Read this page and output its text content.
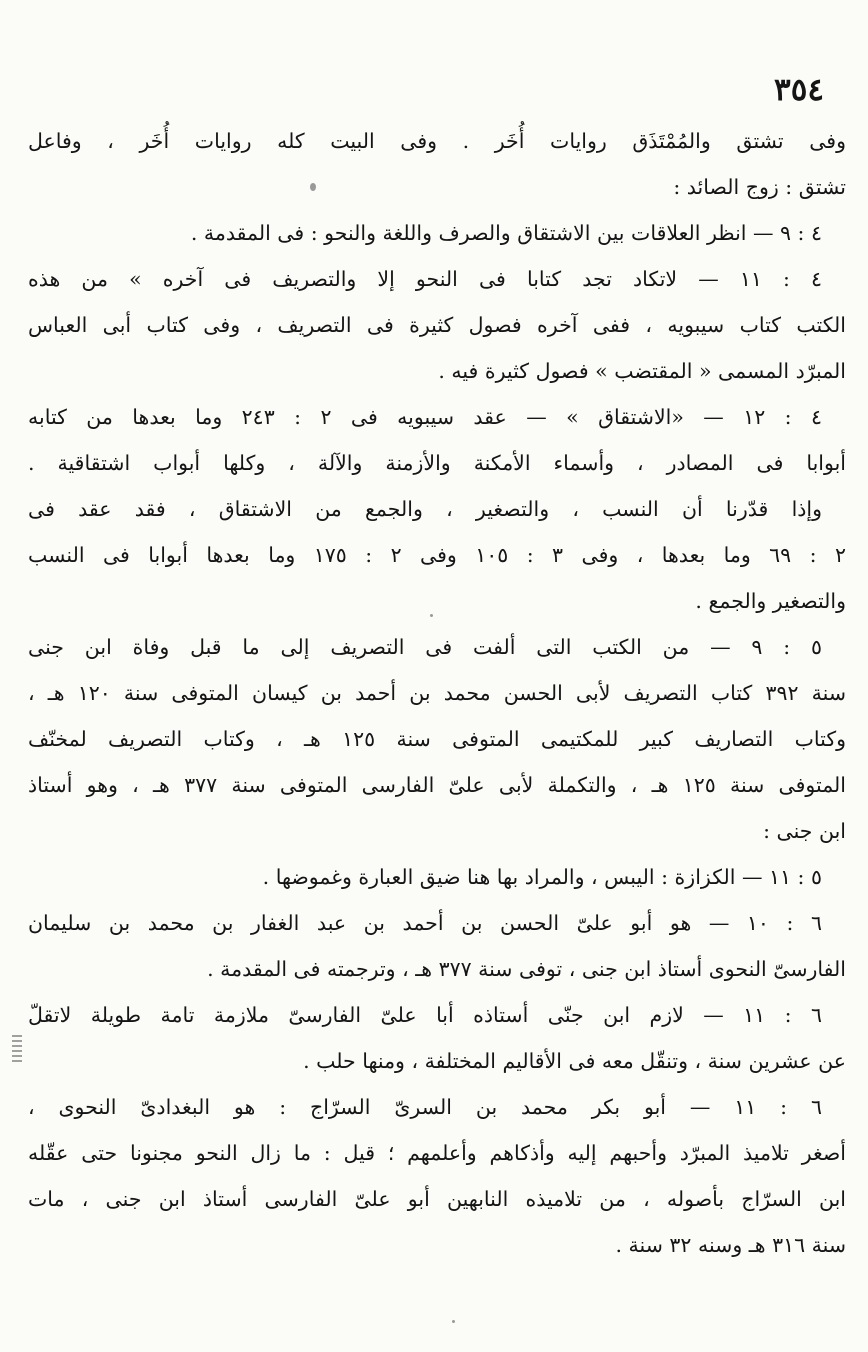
٣٥٤
وفى تشتق والمُمْتَذَق روايات أُخَر . وفى البيت كله روايات أُخَر ، وفاعل
تشتق : زوج الصائد :
٤ : ٩ — انظر العلاقات بين الاشتقاق والصرف واللغة والنحو : فى المقدمة .
٤ : ١١ — لاتكاد تجد كتابا فى النحو إلا والتصريف فى آخره » من هذه
الكتب كتاب سيبويه ، ففى آخره فصول كثيرة فى التصريف ، وفى كتاب أبى العباس
المبرّد المسمى « المقتضب » فصول كثيرة فيه .
٤ : ١٢ — «الاشتقاق » — عقد سيبويه فى ٢ : ٢٤٣ وما بعدها من كتابه
أبوابا فى المصادر ، وأسماء الأمكنة والأزمنة والآلة ، وكلها أبواب اشتقاقية .
وإذا قدّرنا أن النسب ، والتصغير ، والجمع من الاشتقاق ، فقد عقد فى
٢ : ٦٩ وما بعدها ، وفى ٣ : ١٠٥ وفى ٢ : ١٧٥ وما بعدها أبوابا فى النسب
والتصغير والجمع .
٥ : ٩ — من الكتب التى ألفت فى التصريف إلى ما قبل وفاة ابن جنى
سنة ٣٩٢ كتاب التصريف لأبى الحسن محمد بن أحمد بن كيسان المتوفى سنة ١٢٠ هـ ،
وكتاب التصاريف كبير للمكتيمى المتوفى سنة ١٢٥ هـ ، وكتاب التصريف لمخنّف
المتوفى سنة ١٢٥ هـ ، والتكملة لأبى علىّ الفارسى المتوفى سنة ٣٧٧ هـ ، وهو أستاذ
ابن جنى :
٥ : ١١ — الكزازة : اليبس ، والمراد بها هنا ضيق العبارة وغموضها .
٦ : ١٠ — هو أبو علىّ الحسن بن أحمد بن عبد الغفار بن محمد بن سليمان
الفارسىّ النحوى أستاذ ابن جنى ، توفى سنة ٣٧٧ هـ ، وترجمته فى المقدمة .
٦ : ١١ — لازم ابن جنّى أستاذه أبا علىّ الفارسىّ ملازمة تامة طويلة لاتقلّ
عن عشرين سنة ، وتنقّل معه فى الأقاليم المختلفة ، ومنها حلب .
٦ : ١١ — أبو بكر محمد بن السرىّ السرّاج : هو البغدادىّ النحوى ،
أصغر تلاميذ المبرّد وأحبهم إليه وأذكاهم وأعلمهم ؛ قيل : ما زال النحو مجنونا حتى عقّله
ابن السرّاج بأصوله ، من تلاميذه النابهين أبو علىّ الفارسى أستاذ ابن جنى ، مات
سنة ٣١٦ هـ وسنه ٣٢ سنة .
